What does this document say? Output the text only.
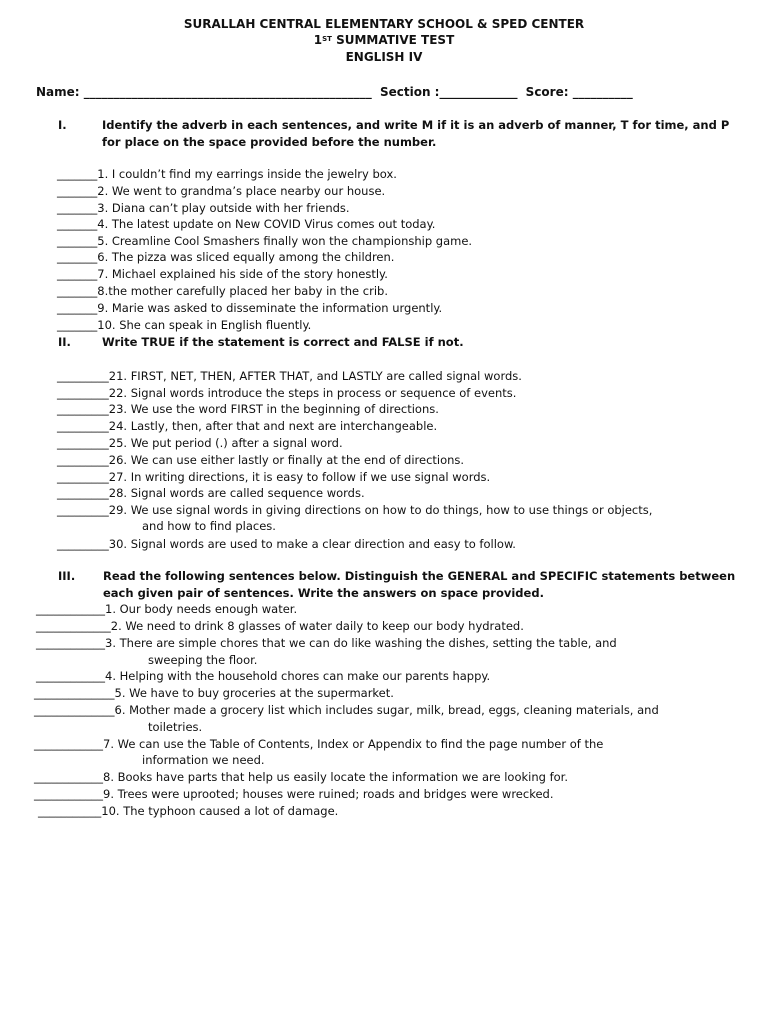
SURALLAH CENTRAL ELEMENTARY SCHOOL & SPED CENTER
1ST SUMMATIVE TEST
ENGLISH IV
Name: ________________________________________________ Section :_____________ Score: __________
I.	Identify the adverb in each sentences, and write M if it is an adverb of manner, T for time, and P for place on the space provided before the number.
_______1. I couldn’t find my earrings inside the jewelry box.
_______2. We went to grandma’s place nearby our house.
_______3. Diana can’t play outside with her friends.
_______4. The latest update on New COVID Virus comes out today.
_______5. Creamline Cool Smashers finally won the championship game.
_______6. The pizza was sliced equally among the children.
_______7. Michael explained his side of the story honestly.
_______8.the mother carefully placed her baby in the crib.
_______9. Marie was asked to disseminate the information urgently.
_______10. She can speak in English fluently.
II.	Write TRUE if the statement is correct and FALSE if not.
_________21. FIRST, NET, THEN, AFTER THAT, and LASTLY are called signal words.
_________22. Signal words introduce the steps in process or sequence of events.
_________23. We use the word FIRST in the beginning of directions.
_________24. Lastly, then, after that and next are interchangeable.
_________25. We put period (.) after a signal word.
_________26. We can use either lastly or finally at the end of directions.
_________27. In writing directions, it is easy to follow if we use signal words.
_________28. Signal words are called sequence words.
_________29. We use signal words in giving directions on how to do things, how to use things or objects,
and how to find places.
_________30. Signal words are used to make a clear direction and easy to follow.
III. Read the following sentences below. Distinguish the GENERAL and SPECIFIC statements between each given pair of sentences. Write the answers on space provided.
____________1. Our body needs enough water.
_____________2. We need to drink 8 glasses of water daily to keep our body hydrated.
____________3. There are simple chores that we can do like washing the dishes, setting the table, and
sweeping the floor.
____________4. Helping with the household chores can make our parents happy.
______________5. We have to buy groceries at the supermarket.
______________6. Mother made a grocery list which includes sugar, milk, bread, eggs, cleaning materials, and
toiletries.
____________7. We can use the Table of Contents, Index or Appendix to find the page number of the
information we need.
____________8. Books have parts that help us easily locate the information we are looking for.
____________9. Trees were uprooted; houses were ruined; roads and bridges were wrecked.
___________10. The typhoon caused a lot of damage.
